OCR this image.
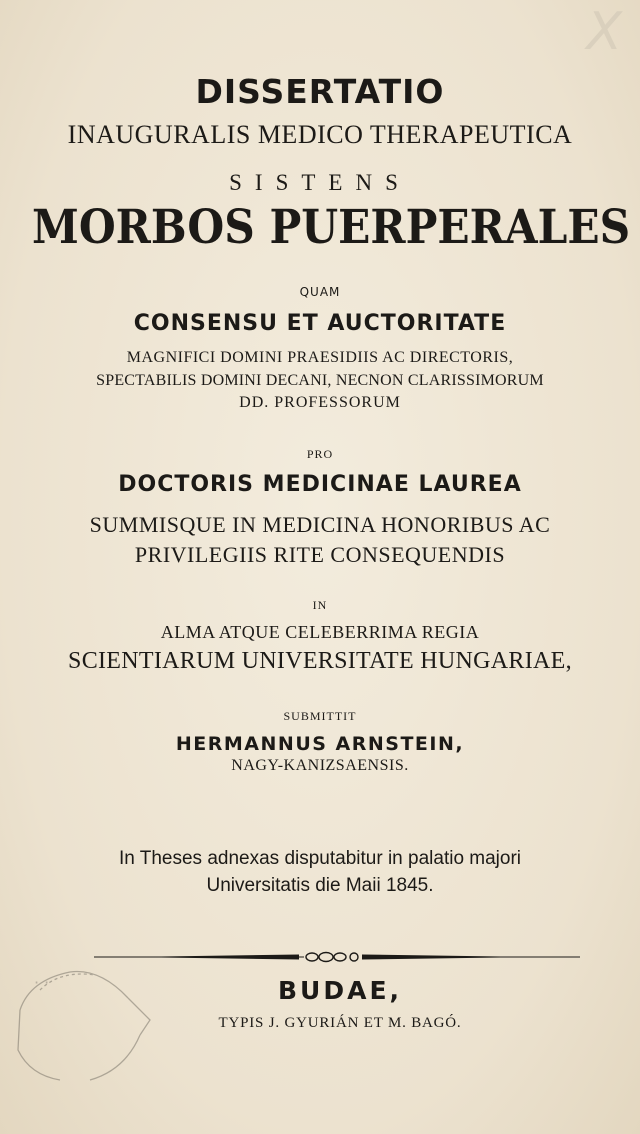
X
DISSERTATIO
INAUGURALIS MEDICO THERAPEUTICA
SISTENS
MORBOS PUERPERALES
QUAM
CONSENSU ET AUCTORITATE
MAGNIFICI DOMINI PRAESIDIIS AC DIRECTORIS,
SPECTABILIS DOMINI DECANI, NECNON CLARISSIMORUM
DD. PROFESSORUM
PRO
DOCTORIS MEDICINAE LAUREA
SUMMISQUE IN MEDICINA HONORIBUS AC
PRIVILEGIIS RITE CONSEQUENDIS
IN
ALMA ATQUE CELEBERRIMA REGIA
SCIENTIARUM UNIVERSITATE HUNGARIAE,
SUBMITTIT
HERMANNUS ARNSTEIN,
NAGY-KANIZSAENSIS.
In Theses adnexas disputabitur in palatio majori
Universitatis die Maii 1845.
· ·	BUDAE,
TYPIS J. GYURIÁN ET M. BAGÓ.
